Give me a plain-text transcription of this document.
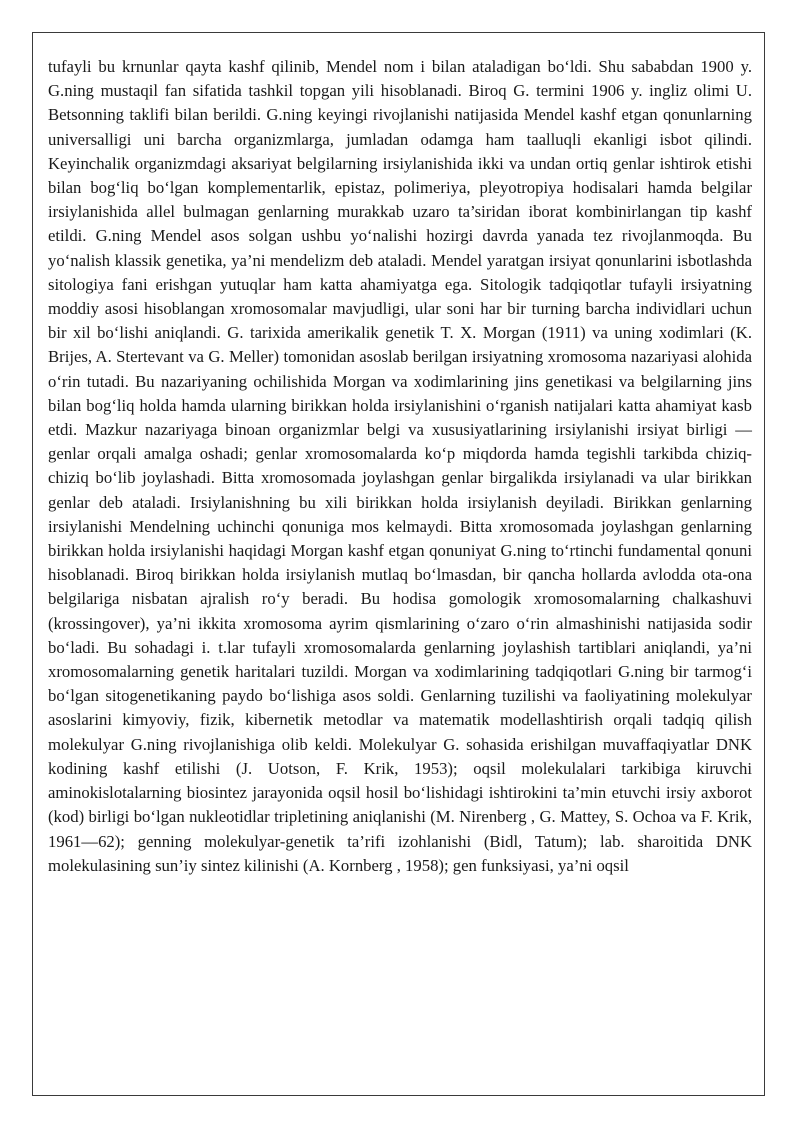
tufayli bu krnunlar qayta kashf qilinib, Mendel nom i bilan ataladigan bo‘ldi. Shu sababdan 1900 y. G.ning mustaqil fan sifatida tashkil topgan yili hisoblanadi. Biroq G. termini 1906 y. ingliz olimi U. Betsonning taklifi bilan berildi. G.ning keyingi rivojlanishi natijasida Mendel kashf etgan qonunlarning universalligi uni barcha organizmlarga, jumladan odamga ham taalluqli ekanligi isbot qilindi. Keyinchalik organizmdagi aksariyat belgilarning irsiylanishida ikki va undan ortiq genlar ishtirok etishi bilan bog‘liq bo‘lgan komplementarlik, epistaz, polimeriya, pleyotropiya hodisalari hamda belgilar irsiylanishida allel bulmagan genlarning murakkab uzaro ta’siridan iborat kombinirlangan tip kashf etildi. G.ning Mendel asos solgan ushbu yo‘nalishi hozirgi davrda yanada tez rivojlanmoqda. Bu yo‘nalish klassik genetika, ya’ni mendelizm deb ataladi. Mendel yaratgan irsiyat qonunlarini isbotlashda sitologiya fani erishgan yutuqlar ham katta ahamiyatga ega. Sitologik tadqiqotlar tufayli irsiyatning moddiy asosi hisoblangan xromosomalar mavjudligi, ular soni har bir turning barcha individlari uchun bir xil bo‘lishi aniqlandi. G. tarixida amerikalik genetik T. X. Morgan (1911) va uning xodimlari (K. Brijes, A. Stertevant va G. Meller) tomonidan asoslab berilgan irsiyatning xromosoma nazariyasi alohida o‘rin tutadi. Bu nazariyaning ochilishida Morgan va xodimlarining jins genetikasi va belgilarning jins bilan bog‘liq holda hamda ularning birikkan holda irsiylanishini o‘rganish natijalari katta ahamiyat kasb etdi. Mazkur nazariyaga binoan organizmlar belgi va xususiyatlarining irsiylanishi irsiyat birligi — genlar orqali amalga oshadi; genlar xromosomalarda ko‘p miqdorda hamda tegishli tarkibda chiziq-chiziq bo‘lib joylashadi. Bitta xromosomada joylashgan genlar birgalikda irsiylanadi va ular birikkan genlar deb ataladi. Irsiylanishning bu xili birikkan holda irsiylanish deyiladi. Birikkan genlarning irsiylanishi Mendelning uchinchi qonuniga mos kelmaydi. Bitta xromosomada joylashgan genlarning birikkan holda irsiylanishi haqidagi Morgan kashf etgan qonuniyat G.ning to‘rtinchi fundamental qonuni hisoblanadi. Biroq birikkan holda irsiylanish mutlaq bo‘lmasdan, bir qancha hollarda avlodda ota-ona belgilariga nisbatan ajralish ro‘y beradi. Bu hodisa gomologik xromosomalarning chalkashuvi (krossingover), ya’ni ikkita xromosoma ayrim qismlarining o‘zaro o‘rin almashinishi natijasida sodir bo‘ladi. Bu sohadagi i. t.lar tufayli xromosomalarda genlarning joylashish tartiblari aniqlandi, ya’ni xromosomalarning genetik haritalari tuzildi. Morgan va xodimlarining tadqiqotlari G.ning bir tarmog‘i bo‘lgan sitogenetikaning paydo bo‘lishiga asos soldi. Genlarning tuzilishi va faoliyatining molekulyar asoslarini kimyoviy, fizik, kibernetik metodlar va matematik modellashtirish orqali tadqiq qilish molekulyar G.ning rivojlanishiga olib keldi. Molekulyar G. sohasida erishilgan muvaffaqiyatlar DNK kodining kashf etilishi (J. Uotson, F. Krik, 1953); oqsil molekulalari tarkibiga kiruvchi aminokislotalarning biosintez jarayonida oqsil hosil bo‘lishidagi ishtirokini ta’min etuvchi irsiy axborot (kod) birligi bo‘lgan nukleotidlar tripletining aniqlanishi (M. Nirenberg , G. Mattey, S. Ochoa va F. Krik, 1961—62); genning molekulyar-genetik ta’rifi izohlanishi (Bidl, Tatum); lab. sharoitida DNK molekulasining sun’iy sintez kilinishi (A. Kornberg , 1958); gen funksiyasi, ya’ni oqsil
